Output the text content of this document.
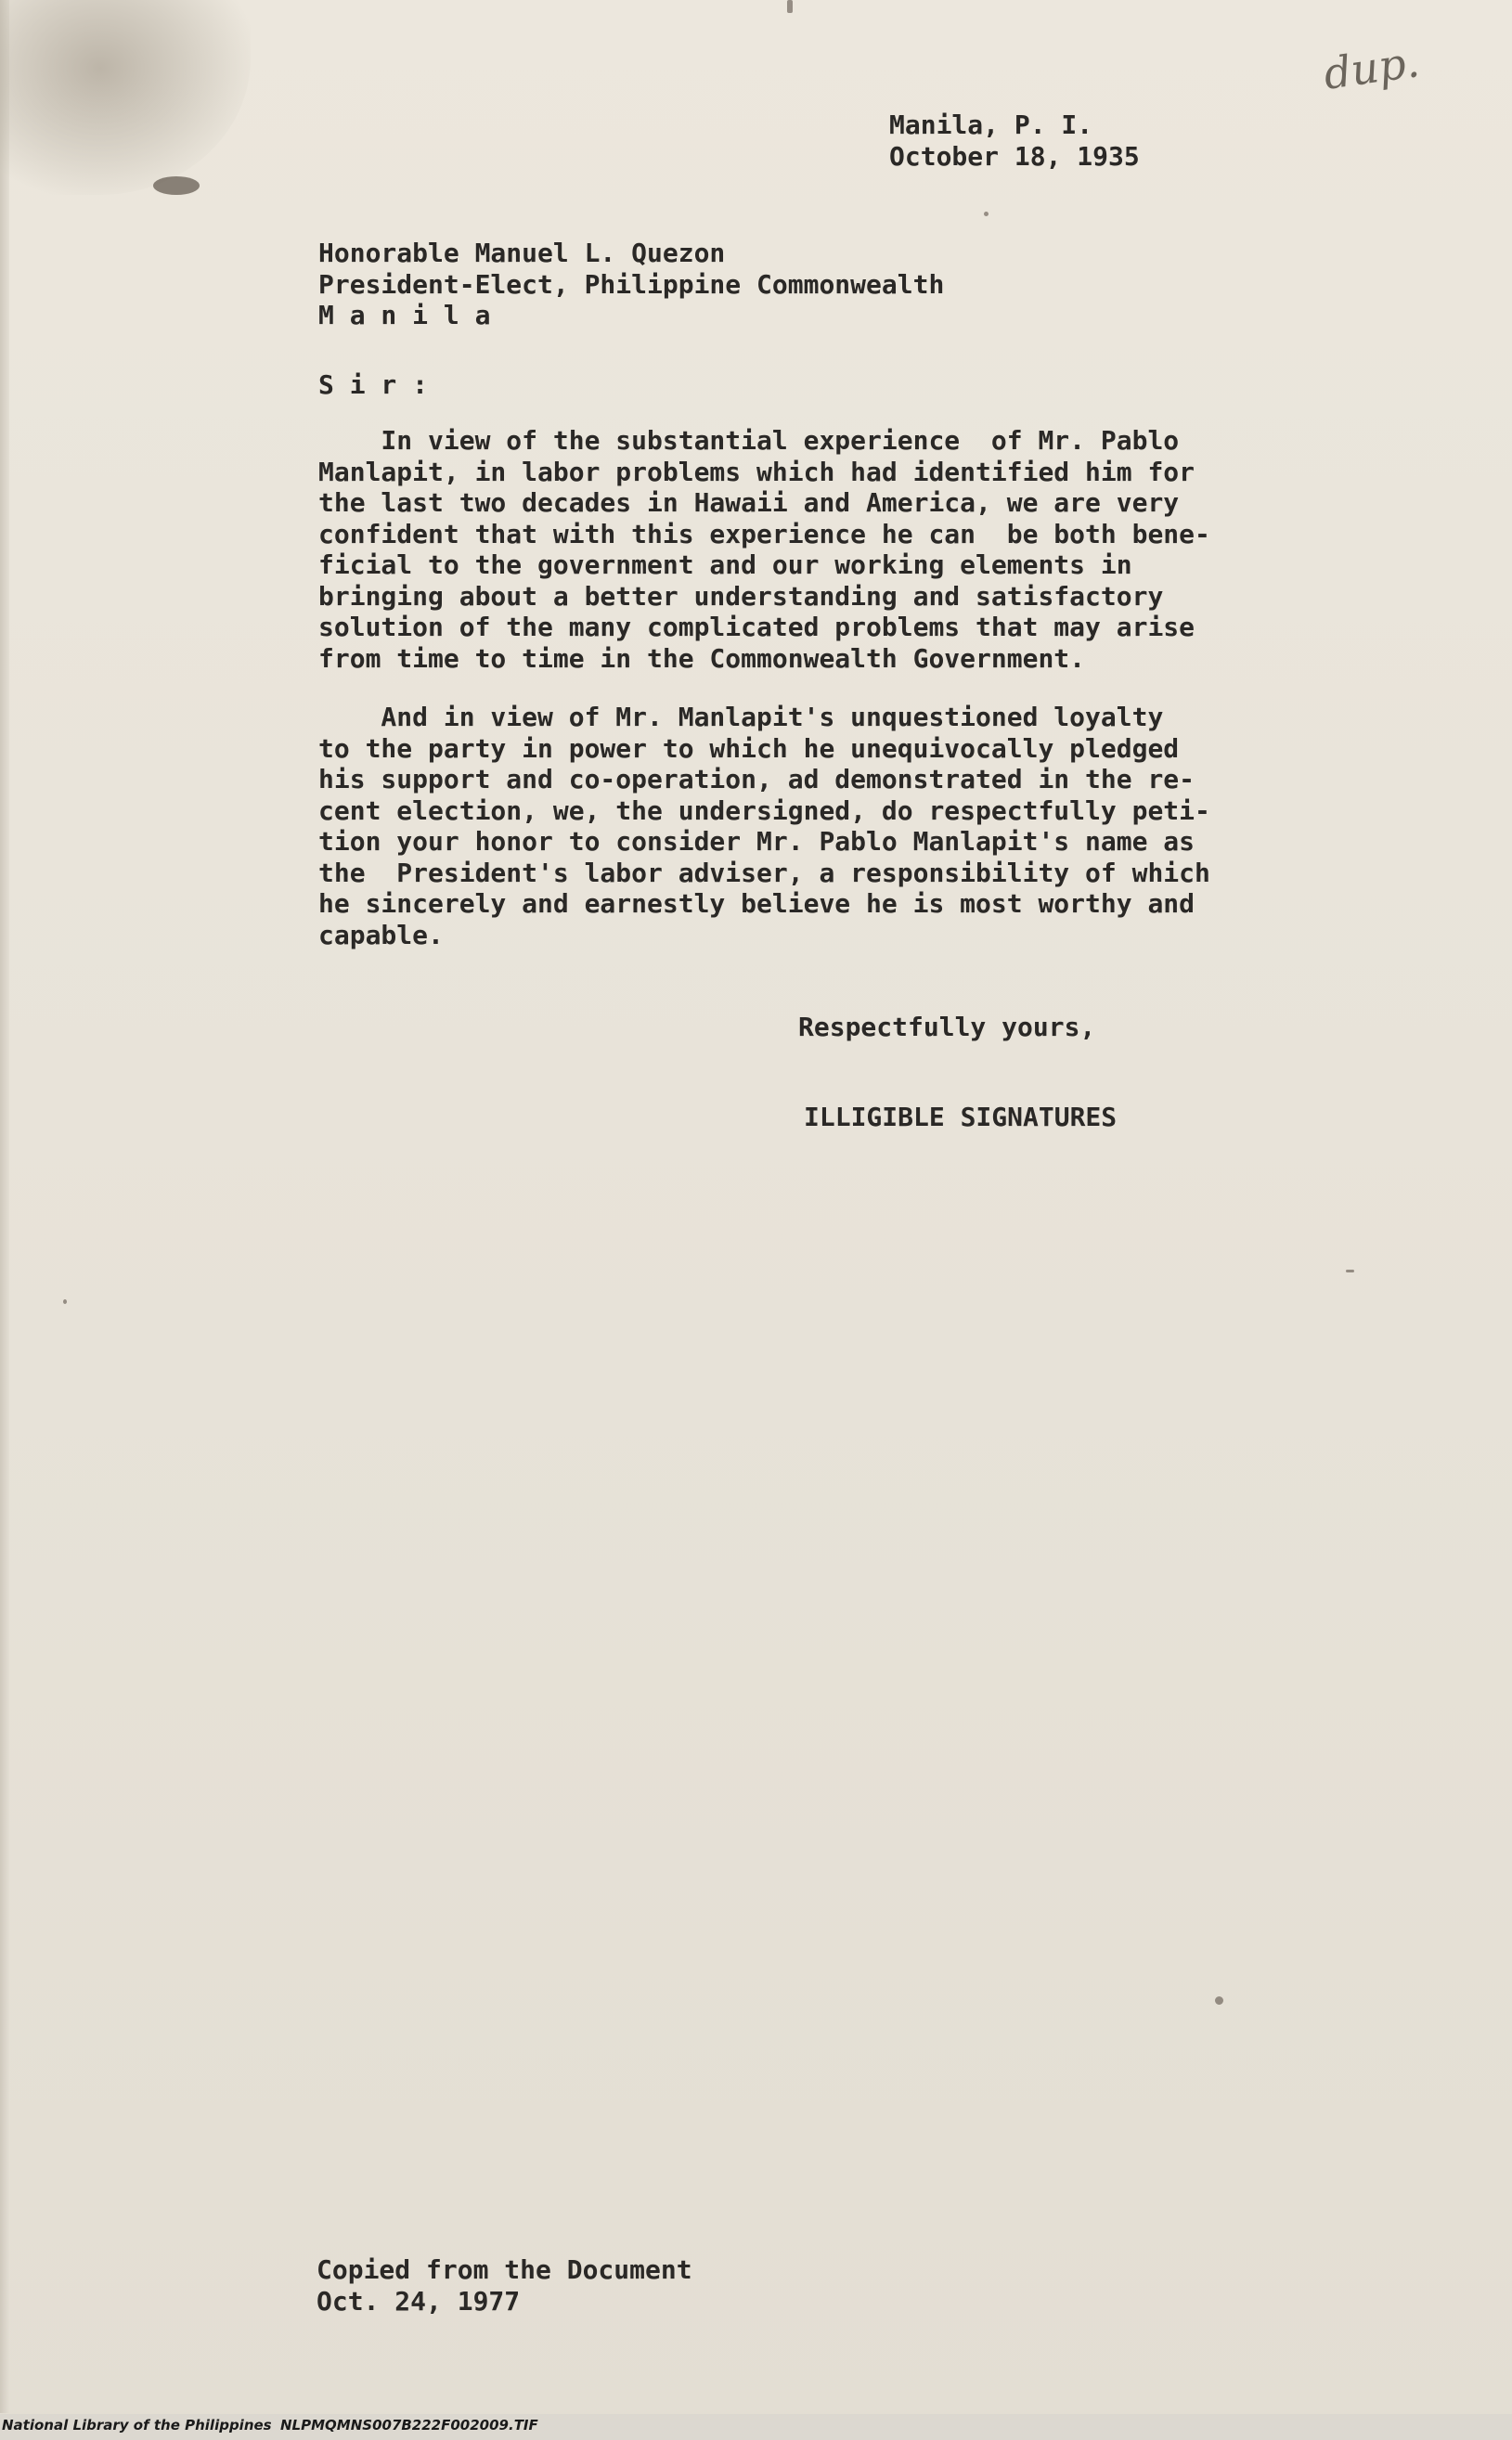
dup.

Manila, P. I.
October 18, 1935
Honorable Manuel L. Quezon
President-Elect, Philippine Commonwealth
M a n i l a
S i r :
In view of the substantial experience  of Mr. Pablo
Manlapit, in labor problems which had identified him for
the last two decades in Hawaii and America, we are very
confident that with this experience he can  be both bene-
ficial to the government and our working elements in
bringing about a better understanding and satisfactory
solution of the many complicated problems that may arise
from time to time in the Commonwealth Government.
And in view of Mr. Manlapit's unquestioned loyalty
to the party in power to which he unequivocally pledged
his support and co-operation, ad demonstrated in the re-
cent election, we, the undersigned, do respectfully peti-
tion your honor to consider Mr. Pablo Manlapit's name as
the  President's labor adviser, a responsibility of which
he sincerely and earnestly believe he is most worthy and
capable.
Respectfully yours,
ILLIGIBLE SIGNATURES
Copied from the Document
Oct. 24, 1977

National Library of the Philippines NLPMQMNS007B222F002009.TIF
